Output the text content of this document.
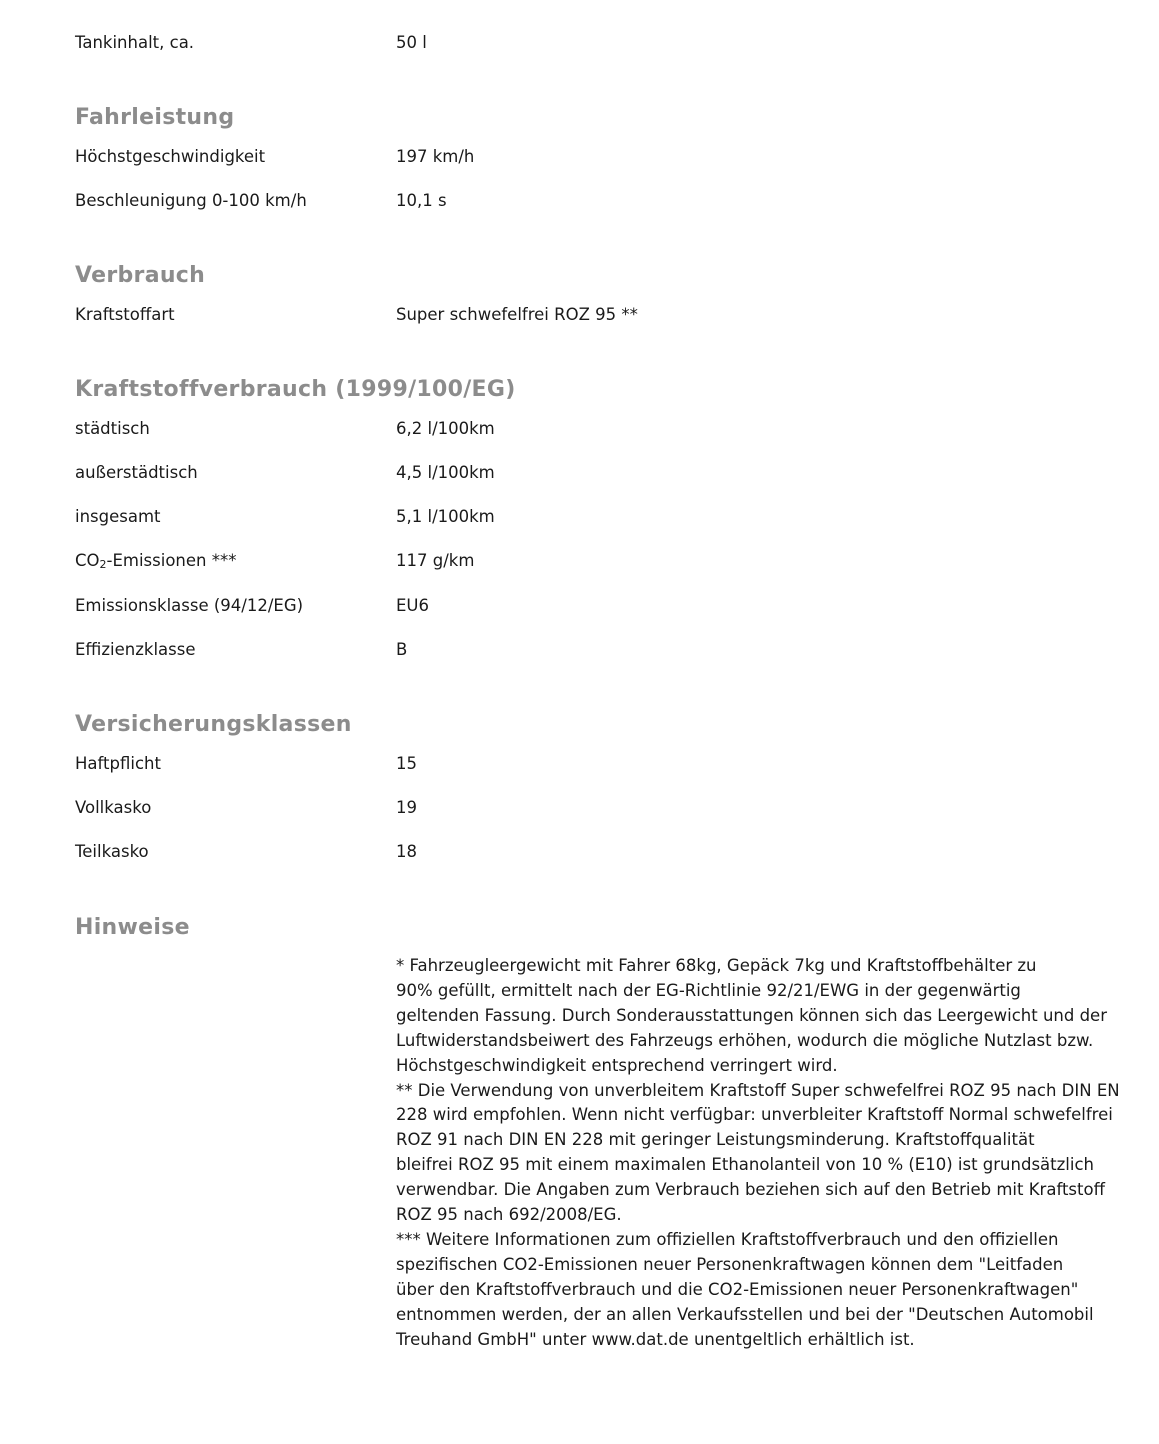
Tankinhalt, ca.	50 l
Fahrleistung
Höchstgeschwindigkeit	197 km/h
Beschleunigung 0-100 km/h	10,1 s
Verbrauch
Kraftstoffart	Super schwefelfrei ROZ 95 **
Kraftstoffverbrauch (1999/100/EG)
städtisch	6,2 l/100km
außerstädtisch	4,5 l/100km
insgesamt	5,1 l/100km
CO2-Emissionen ***	117 g/km
Emissionsklasse (94/12/EG)	EU6
Effizienzklasse	B
Versicherungsklassen
Haftpflicht	15
Vollkasko	19
Teilkasko	18
Hinweise
* Fahrzeugleergewicht mit Fahrer 68kg, Gepäck 7kg und Kraftstoffbehälter zu
90% gefüllt, ermittelt nach der EG-Richtlinie 92/21/EWG in der gegenwärtig
geltenden Fassung. Durch Sonderausstattungen können sich das Leergewicht und der
Luftwiderstandsbeiwert des Fahrzeugs erhöhen, wodurch die mögliche Nutzlast bzw.
Höchstgeschwindigkeit entsprechend verringert wird.
** Die Verwendung von unverbleitem Kraftstoff Super schwefelfrei ROZ 95 nach DIN EN
228 wird empfohlen. Wenn nicht verfügbar: unverbleiter Kraftstoff Normal schwefelfrei
ROZ 91 nach DIN EN 228 mit geringer Leistungsminderung. Kraftstoffqualität
bleifrei ROZ 95 mit einem maximalen Ethanolanteil von 10 % (E10) ist grundsätzlich
verwendbar. Die Angaben zum Verbrauch beziehen sich auf den Betrieb mit Kraftstoff
ROZ 95 nach 692/2008/EG.
*** Weitere Informationen zum offiziellen Kraftstoffverbrauch und den offiziellen
spezifischen CO2-Emissionen neuer Personenkraftwagen können dem "Leitfaden
über den Kraftstoffverbrauch und die CO2-Emissionen neuer Personenkraftwagen"
entnommen werden, der an allen Verkaufsstellen und bei der "Deutschen Automobil
Treuhand GmbH" unter www.dat.de unentgeltlich erhältlich ist.
